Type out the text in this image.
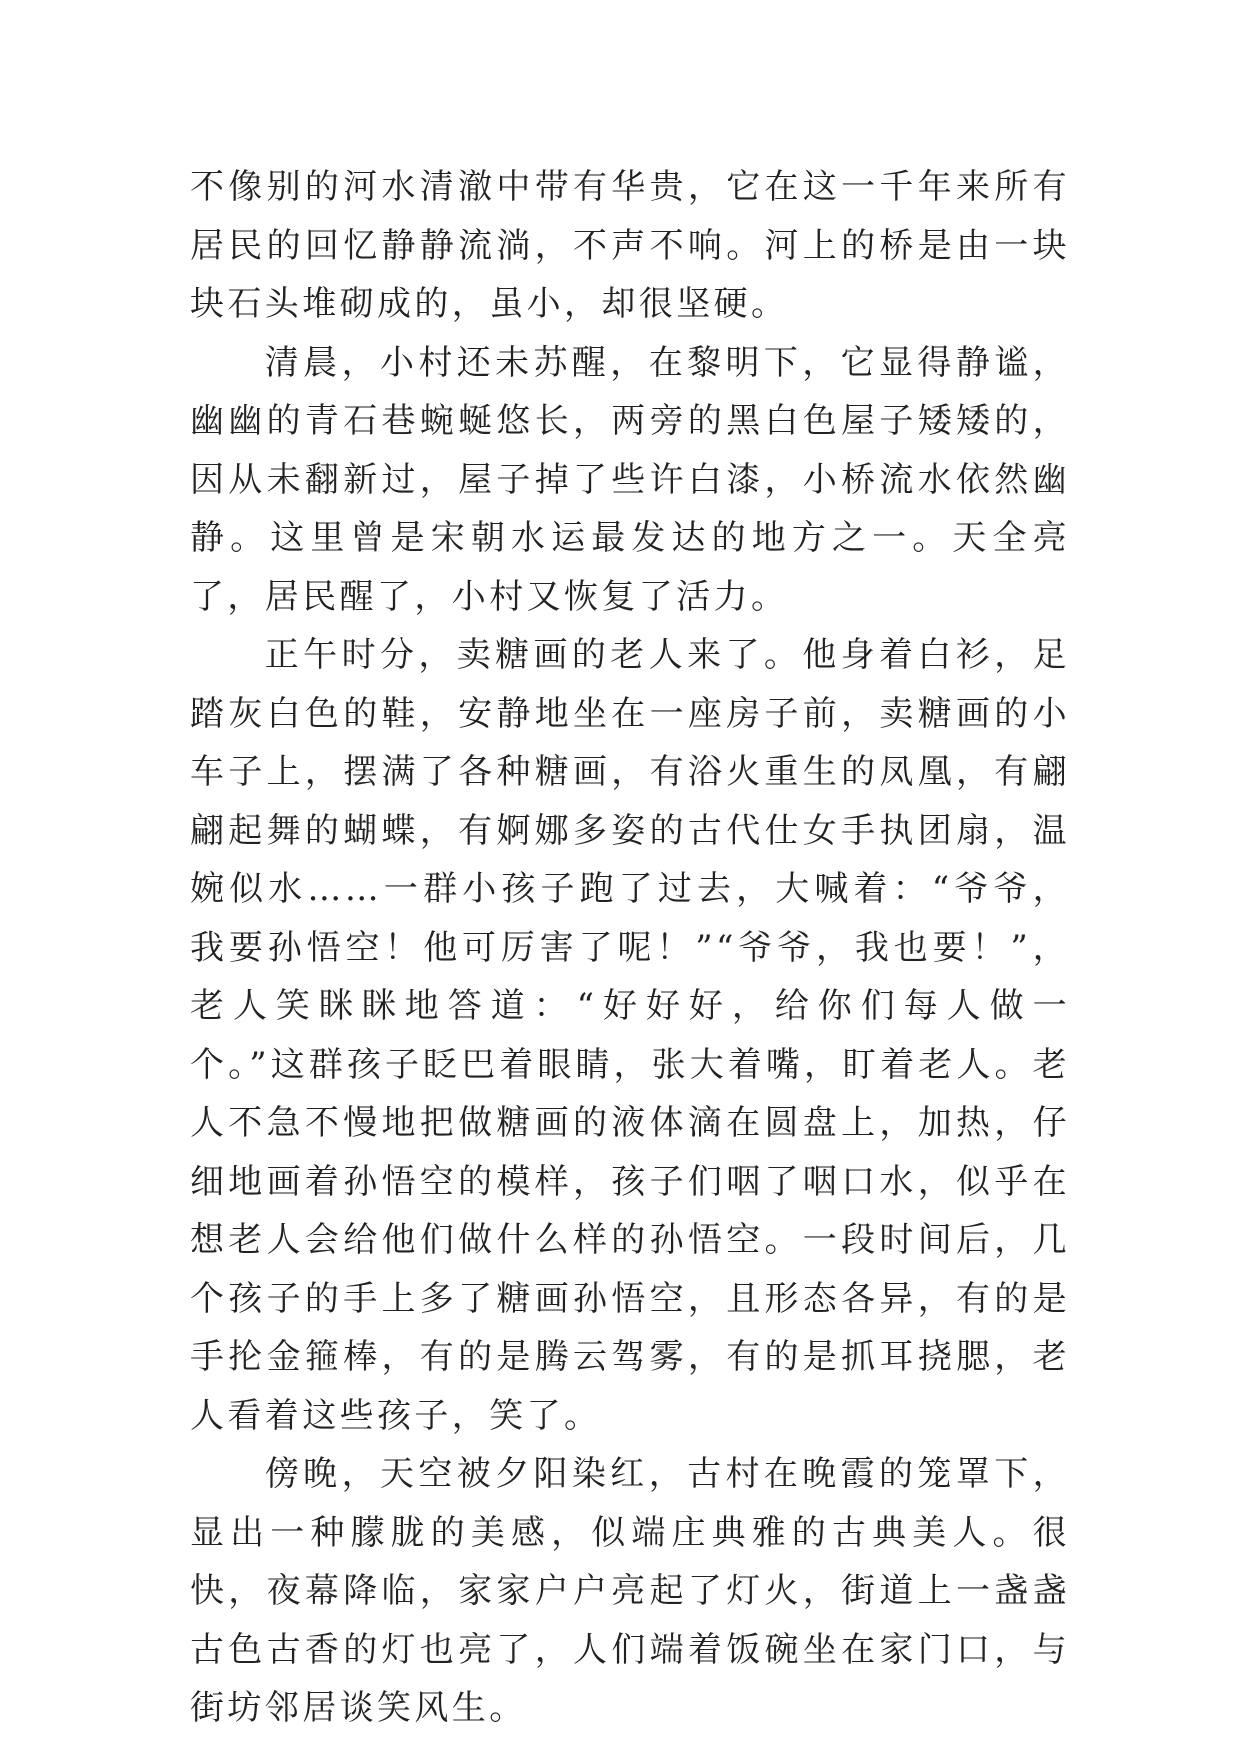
不像别的河水清澈中带有华贵，它在这一千年来所有居民的回忆静静流淌，不声不响。河上的桥是由一块块石头堆砌成的，虽小，却很坚硬。

清晨，小村还未苏醒，在黎明下，它显得静谧，幽幽的青石巷蜿蜒悠长，两旁的黑白色屋子矮矮的，因从未翻新过，屋子掉了些许白漆，小桥流水依然幽静。这里曾是宋朝水运最发达的地方之一。天全亮了，居民醒了，小村又恢复了活力。

正午时分，卖糖画的老人来了。他身着白衫，足踏灰白色的鞋，安静地坐在一座房子前，卖糖画的小车子上，摆满了各种糖画，有浴火重生的凤凰，有翩翩起舞的蝴蝶，有婀娜多姿的古代仕女手执团扇，温婉似水……一群小孩子跑了过去，大喊着：“爷爷，我要孙悟空！他可厉害了呢！”“爷爷，我也要！”，老人笑眯眯地答道：“好好好，给你们每人做一个。”这群孩子眨巴着眼睛，张大着嘴，盯着老人。老人不急不慢地把做糖画的液体滴在圆盘上，加热，仔细地画着孙悟空的模样，孩子们咽了咽口水，似乎在想老人会给他们做什么样的孙悟空。一段时间后，几个孩子的手上多了糖画孙悟空，且形态各异，有的是手抡金箍棒，有的是腾云驾雾，有的是抓耳挠腮，老人看着这些孩子，笑了。

傍晚，天空被夕阳染红，古村在晚霞的笼罩下，显出一种朦胧的美感，似端庄典雅的古典美人。很快，夜幕降临，家家户户亮起了灯火，街道上一盏盏古色古香的灯也亮了，人们端着饭碗坐在家门口，与街坊邻居谈笑风生。
